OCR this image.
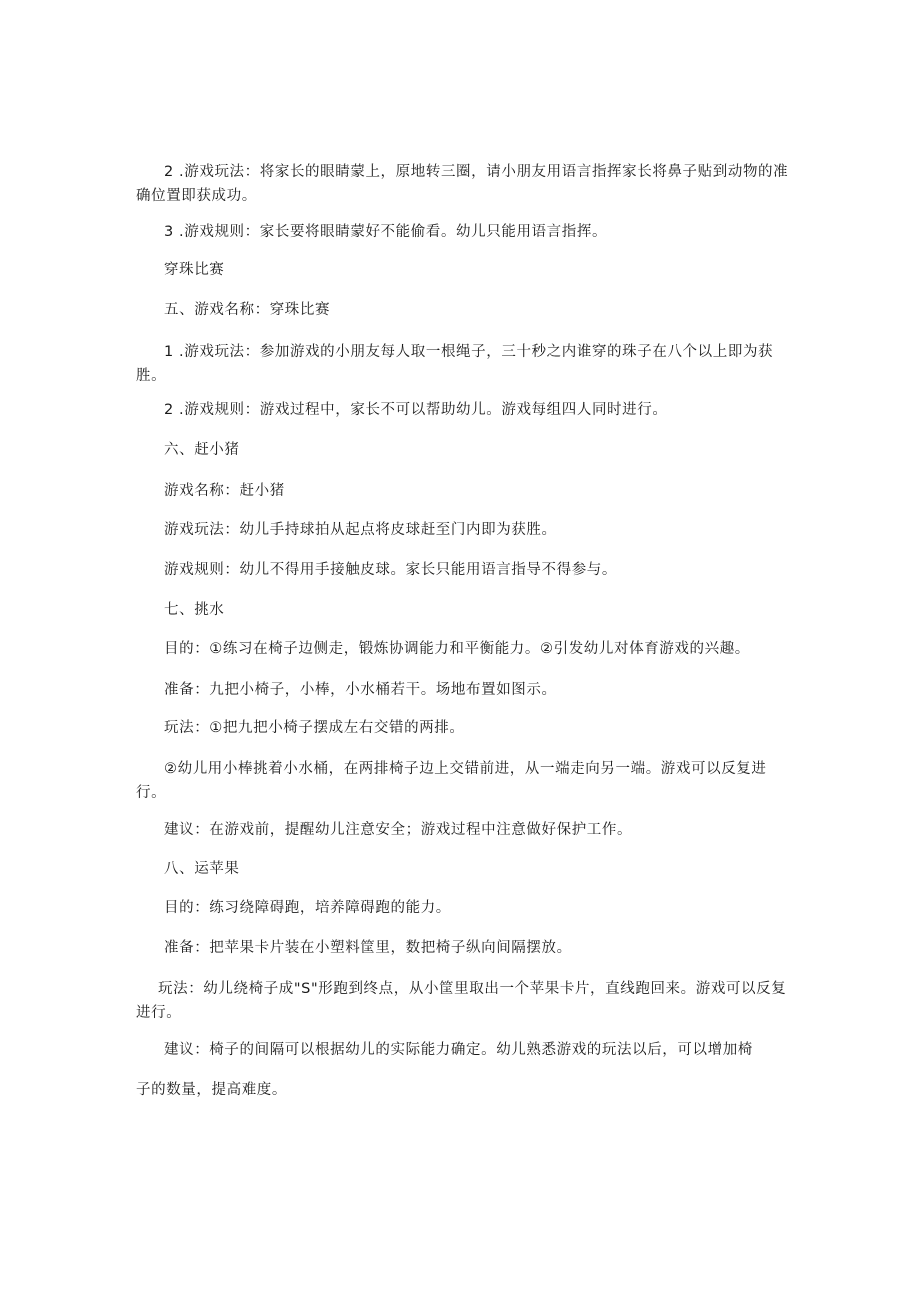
2 .游戏玩法：将家长的眼睛蒙上，原地转三圈，请小朋友用语言指挥家长将鼻子贴到动物的准确位置即获成功。

3 .游戏规则：家长要将眼睛蒙好不能偷看。幼儿只能用语言指挥。

穿珠比赛

五、游戏名称：穿珠比赛

1 .游戏玩法：参加游戏的小朋友每人取一根绳子，三十秒之内谁穿的珠子在八个以上即为获胜。

2 .游戏规则：游戏过程中，家长不可以帮助幼儿。游戏每组四人同时进行。

六、赶小猪

游戏名称：赶小猪

游戏玩法：幼儿手持球拍从起点将皮球赶至门内即为获胜。

游戏规则：幼儿不得用手接触皮球。家长只能用语言指导不得参与。

七、挑水

目的：①练习在椅子边侧走，锻炼协调能力和平衡能力。②引发幼儿对体育游戏的兴趣。

准备：九把小椅子，小棒，小水桶若干。场地布置如图示。

玩法：①把九把小椅子摆成左右交错的两排。

②幼儿用小棒挑着小水桶，在两排椅子边上交错前进，从一端走向另一端。游戏可以反复进行。

建议：在游戏前，提醒幼儿注意安全；游戏过程中注意做好保护工作。

八、运苹果

目的：练习绕障碍跑，培养障碍跑的能力。

准备：把苹果卡片装在小塑料筐里，数把椅子纵向间隔摆放。

玩法：幼儿绕椅子成"S"形跑到终点，从小筐里取出一个苹果卡片，直线跑回来。游戏可以反复进行。

建议：椅子的间隔可以根据幼儿的实际能力确定。幼儿熟悉游戏的玩法以后，可以增加椅

子的数量，提高难度。
